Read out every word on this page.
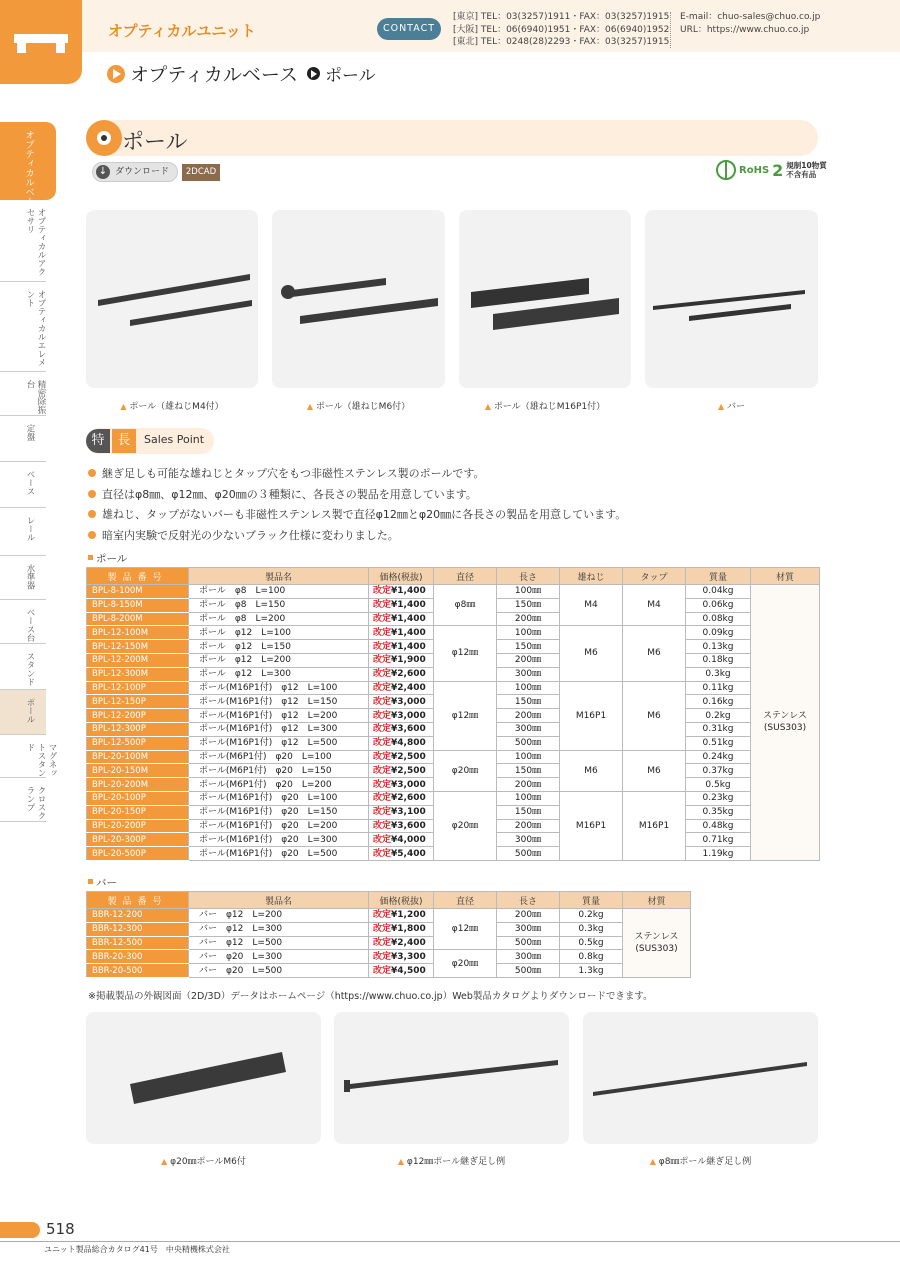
オプティカルユニット	CONTACT
[東京] TEL：03(3257)1911・FAX：03(3257)1915
[大阪] TEL：06(6940)1951・FAX：06(6940)1952
[東北] TEL：0248(28)2293・FAX：03(3257)1915
E-mail：chuo-sales@chuo.co.jp
URL：https://www.chuo.co.jp
オプティカルベース ポール
オプティカルベース
オプティカルアクセサリ
オプティカルエレメント
精密除振台
定盤
ベース
レール
水準器
ベース台
スタンド
ポール
マグネットスタンド
クロスクランプ
ポール
ダウンロード
↓	2DCAD	RoHS 2 規制10物質
不含有品
▲ ポール（雄ねじM4付）	▲ ポール（雄ねじM6付）	▲ ポール（雄ねじM16P1付）	▲ バー
特 長	Sales Point
継ぎ足しも可能な雄ねじとタップ穴をもつ非磁性ステンレス製のポールです。
直径はφ8㎜、φ12㎜、φ20㎜の３種類に、各長さの製品を用意しています。
雄ねじ、タップがないバーも非磁性ステンレス製で直径φ12㎜とφ20㎜に各長さの製品を用意しています。
暗室内実験で反射光の少ないブラック仕様に変わりました。
ポール
製品番号	製品名	価格(税抜)	直径	長さ	雄ねじ	タップ	質量	材質
BPL-8-100M	ポール　φ8　L=100	改定¥1,400	φ8㎜	100㎜	M4	M4	0.04kg	ステンレス
(SUS303)
BPL-8-150M	ポール　φ8　L=150	改定¥1,400		150㎜			0.06kg	
BPL-8-200M	ポール　φ8　L=200	改定¥1,400		200㎜			0.08kg	
BPL-12-100M	ポール　φ12　L=100	改定¥1,400	φ12㎜	100㎜	M6	M6	0.09kg	
BPL-12-150M	ポール　φ12　L=150	改定¥1,400		150㎜			0.13kg	
BPL-12-200M	ポール　φ12　L=200	改定¥1,900		200㎜			0.18kg	
BPL-12-300M	ポール　φ12　L=300	改定¥2,600		300㎜			0.3kg	
BPL-12-100P	ポール(M16P1付)　φ12　L=100	改定¥2,400	φ12㎜	100㎜	M16P1	M6	0.11kg	
BPL-12-150P	ポール(M16P1付)　φ12　L=150	改定¥3,000		150㎜			0.16kg	
BPL-12-200P	ポール(M16P1付)　φ12　L=200	改定¥3,000		200㎜			0.2kg	
BPL-12-300P	ポール(M16P1付)　φ12　L=300	改定¥3,600		300㎜			0.31kg	
BPL-12-500P	ポール(M16P1付)　φ12　L=500	改定¥4,800		500㎜			0.51kg	
BPL-20-100M	ポール(M6P1付)　φ20　L=100	改定¥2,500	φ20㎜	100㎜	M6	M6	0.24kg	
BPL-20-150M	ポール(M6P1付)　φ20　L=150	改定¥2,500		150㎜			0.37kg	
BPL-20-200M	ポール(M6P1付)　φ20　L=200	改定¥3,000		200㎜			0.5kg	
BPL-20-100P	ポール(M16P1付)　φ20　L=100	改定¥2,600	φ20㎜	100㎜	M16P1	M16P1	0.23kg	
BPL-20-150P	ポール(M16P1付)　φ20　L=150	改定¥3,100		150㎜			0.35kg	
BPL-20-200P	ポール(M16P1付)　φ20　L=200	改定¥3,600		200㎜			0.48kg	
BPL-20-300P	ポール(M16P1付)　φ20　L=300	改定¥4,000		300㎜			0.71kg	
BPL-20-500P	ポール(M16P1付)　φ20　L=500	改定¥5,400		500㎜			1.19kg	
バー
製品番号	製品名	価格(税抜)	直径	長さ	質量	材質
BBR-12-200	バー　φ12　L=200	改定¥1,200	φ12㎜	200㎜	0.2kg	ステンレス
(SUS303)
BBR-12-300	バー　φ12　L=300	改定¥1,800		300㎜	0.3kg	
BBR-12-500	バー　φ12　L=500	改定¥2,400		500㎜	0.5kg	
BBR-20-300	バー　φ20　L=300	改定¥3,300	φ20㎜	300㎜	0.8kg	
BBR-20-500	バー　φ20　L=500	改定¥4,500		500㎜	1.3kg	
※掲載製品の外観図面（2D/3D）データはホームページ（https://www.chuo.co.jp）Web製品カタログよりダウンロードできます。
▲ φ20㎜ポールM6付	▲ φ12㎜ポール継ぎ足し例	▲ φ8㎜ポール継ぎ足し例
518
ユニット製品総合カタログ41号　中央精機株式会社
